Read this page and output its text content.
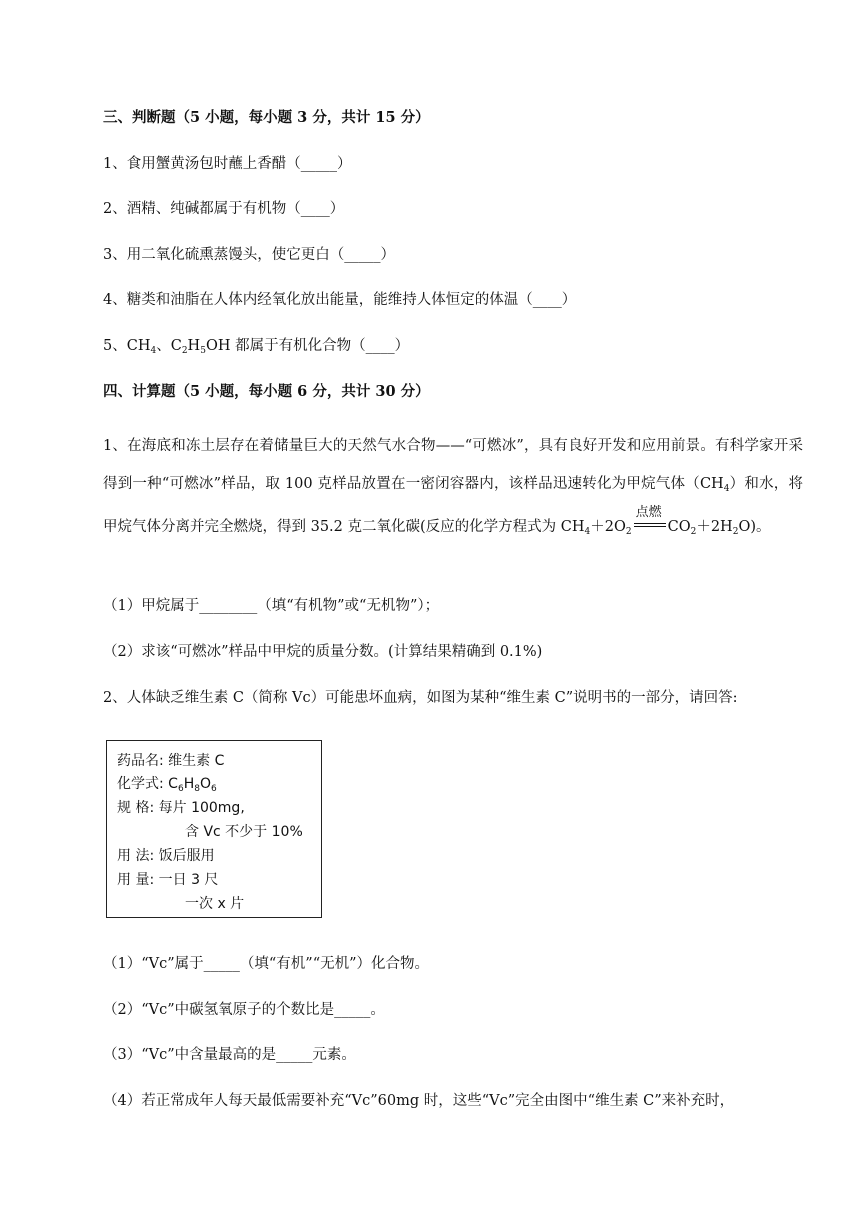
三、判断题（5 小题，每小题 3 分，共计 15 分）
1、食用蟹黄汤包时蘸上香醋（_____）
2、酒精、纯碱都属于有机物（____）
3、用二氧化硫熏蒸馒头，使它更白（_____）
4、糖类和油脂在人体内经氧化放出能量，能维持人体恒定的体温（____）
5、$CH_4$、$C_2H_5OH$ 都属于有机化合物（____）
四、计算题（5 小题，每小题 6 分，共计 30 分）
1、在海底和冻土层存在着储量巨大的天然气水合物——“可燃冰”，具有良好开发和应用前景。有科学家开采得到一种“可燃冰”样品，取 100 克样品放置在一密闭容器内，该样品迅速转化为甲烷气体$(CH_4)$和水，将甲烷气体分离并完全燃烧，得到 35.2 克二氧化碳(反应的化学方程式为 $CH_4+2O_2$
点燃
$CO_2+2H_2O$)。
（1）甲烷属于________（填“有机物”或“无机物”）；
（2）求该“可燃冰”样品中甲烷的质量分数。(计算结果精确到 0.1%)
2、人体缺乏维生素 C（简称 Vc）可能患坏血病，如图为某种“维生素 C”说明书的一部分，请回答:
药品名: 维生素 C
化学式: $C_6H_8O_6$
规 格: 每片 100mg,
含 Vc 不少于 10%
用 法: 饭后服用
用 量: 一日 3 尺
一次 x 片
（1）“Vc”属于_____（填“有机”“无机”）化合物。
（2）“Vc”中碳氢氧原子的个数比是_____。
（3）“Vc”中含量最高的是_____元素。
（4）若正常成年人每天最低需要补充“Vc”60mg 时，这些“Vc”完全由图中“维生素 C”来补充时，
